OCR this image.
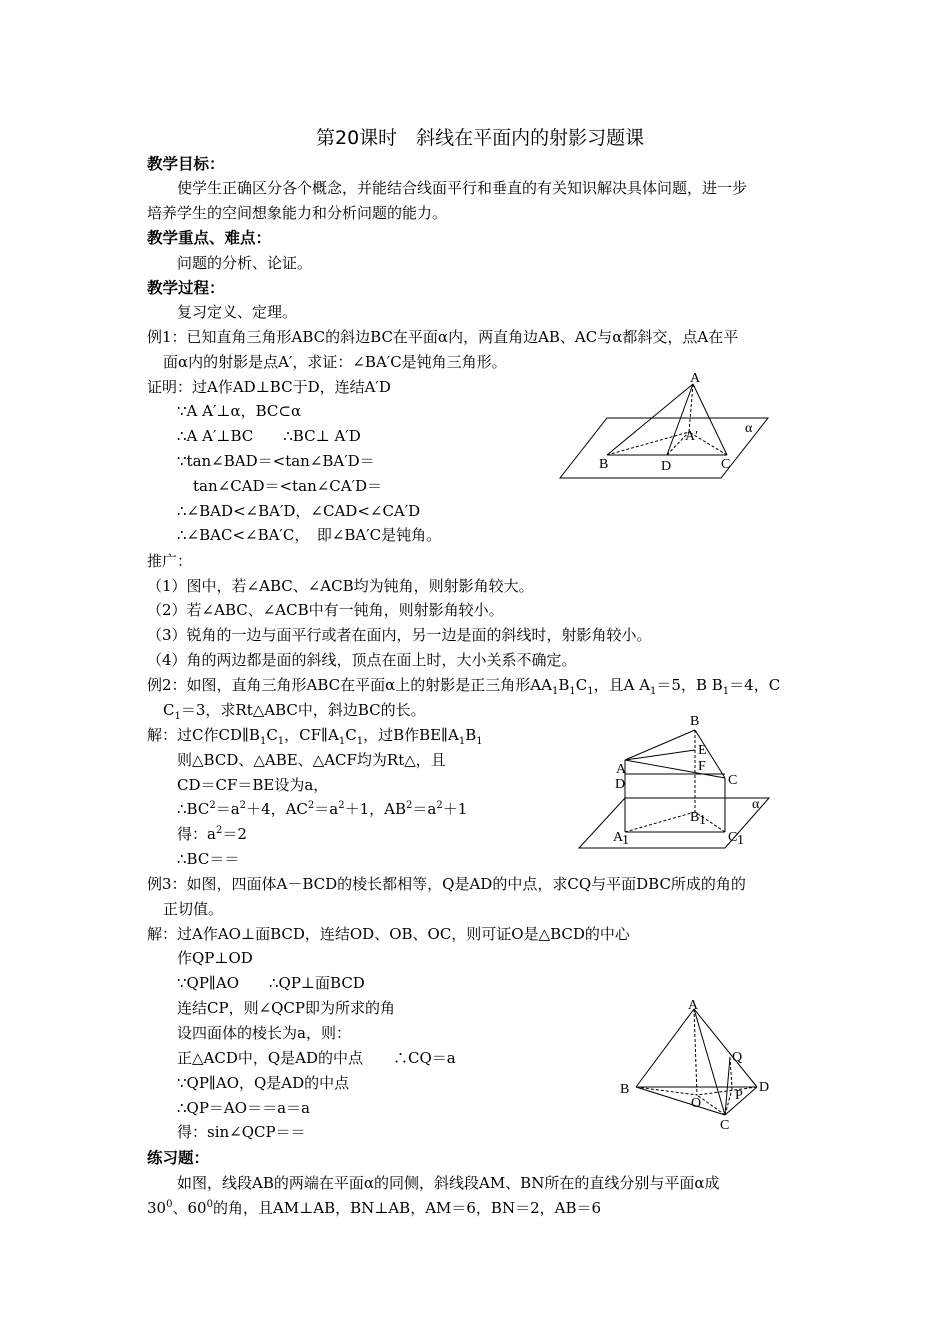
第20课时　斜线在平面内的射影习题课
教学目标：
使学生正确区分各个概念，并能结合线面平行和垂直的有关知识解决具体问题，进一步
培养学生的空间想象能力和分析问题的能力。
教学重点、难点：
问题的分析、论证。
教学过程：
复习定义、定理。
例1：已知直角三角形ABC的斜边BC在平面α内，两直角边AB、AC与α都斜交，点A在平
面α内的射影是点A′，求证：∠BA′C是钝角三角形。
证明：过A作AD⊥BC于D，连结A′D
∵A A′⊥α，BC⊂α
∴A A′⊥BC　　∴BC⊥ A′D
∵tan∠BAD＝<tan∠BA′D＝
tan∠CAD＝<tan∠CA′D＝
∴∠BAD<∠BA′D，∠CAD<∠CA′D
∴∠BAC<∠BA′C，　即∠BA′C是钝角。
A
A′
B	D	C
α
推广：
（1）图中，若∠ABC、∠ACB均为钝角，则射影角较大。
（2）若∠ABC、∠ACB中有一钝角，则射影角较小。
（3）锐角的一边与面平行或者在面内，另一边是面的斜线时，射影角较小。
（4）角的两边都是面的斜线，顶点在面上时，大小关系不确定。
例2：如图，直角三角形ABC在平面α上的射影是正三角形$AA_1B_1C_1$，且A $A_1=5$，B $B_1=4$，C
$C_1=3$，求Rt△ABC中，斜边BC的长。
解：过C作$CD\parallel B_1C_1$，$CF\parallel A_1C_1$，过B作$BE\parallel A_1B_1$
则△BCD、△ABE、△ACF均为Rt△，且
CD＝CF＝BE设为a，
$\therefore BC^2=a^2+4$，$AC^2=a^2+1$，$AB^2=a^2+1$
得：$a^2=2$
∴BC＝＝
B
E
A	F
D	C
B 1
A
1	C 1
α
例3：如图，四面体A－BCD的棱长都相等，Q是AD的中点，求CQ与平面DBC所成的角的
正切值。
解：过A作AO⊥面BCD，连结OD、OB、OC，则可证O是△BCD的中心
作QP⊥OD
∵QP∥AO　　∴QP⊥面BCD
连结CP，则∠QCP即为所求的角
设四面体的棱长为a，则：
正△ACD中，Q是AD的中点　　∴CQ＝a
∵QP∥AO，Q是AD的中点
∴QP＝AO＝＝a＝a
得：sin∠QCP＝＝
A
B
Q
D
O
P
C
练习题：
如图，线段AB的两端在平面α的同侧，斜线段AM、BN所在的直线分别与平面α成
$30^0$、$60^0$的角，且AM⊥AB，BN⊥AB，AM＝6，BN＝2，AB＝6
